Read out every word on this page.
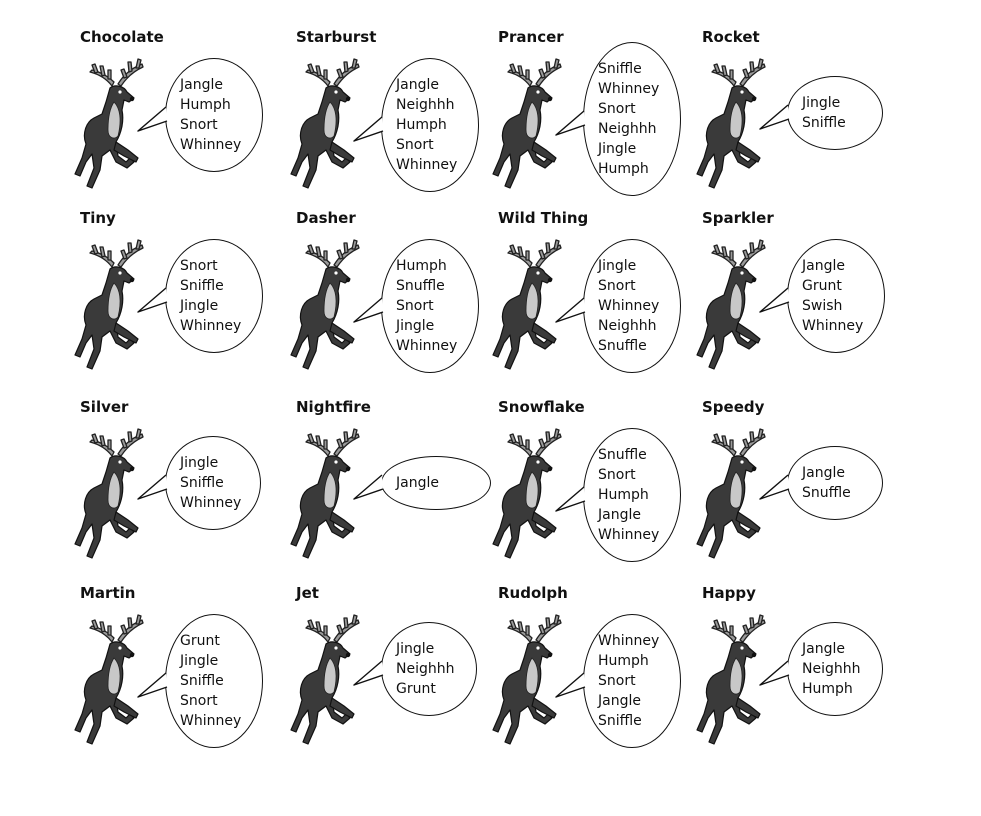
Chocolate
Jangle
Humph
Snort
Whinney
Starburst
Jangle
Neighhh
Humph
Snort
Whinney
Prancer
Sniffle
Whinney
Snort
Neighhh
Jingle
Humph
Rocket
Jingle
Sniffle
Tiny
Snort
Sniffle
Jingle
Whinney
Dasher
Humph
Snuffle
Snort
Jingle
Whinney
Wild Thing
Jingle
Snort
Whinney
Neighhh
Snuffle
Sparkler
Jangle
Grunt
Swish
Whinney
Silver
Jingle
Sniffle
Whinney
Nightfire
Jangle
Snowflake
Snuffle
Snort
Humph
Jangle
Whinney
Speedy
Jangle
Snuffle
Martin
Grunt
Jingle
Sniffle
Snort
Whinney
Jet
Jingle
Neighhh
Grunt
Rudolph
Whinney
Humph
Snort
Jangle
Sniffle
Happy
Jangle
Neighhh
Humph
